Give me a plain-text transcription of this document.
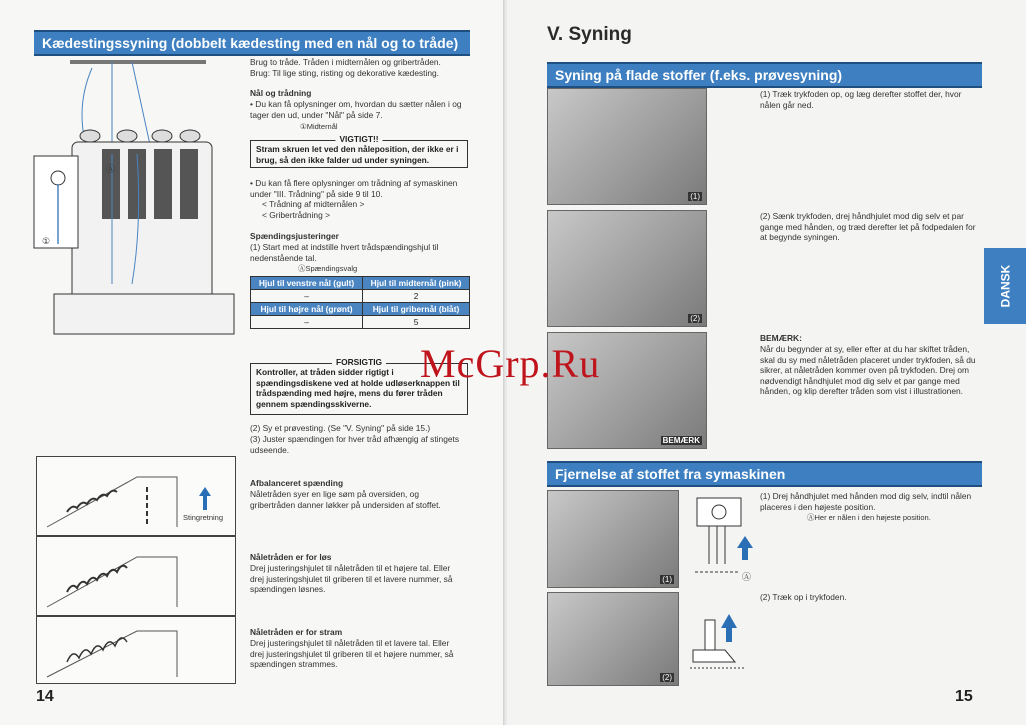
Kædestingssyning (dobbelt kædesting med en nål og to tråde)
①
Ⓐ
Brug to tråde. Tråden i midternålen og gribertråden.
Brug: Til lige sting, risting og dekorative kædesting.
Nål og trådning
• Du kan få oplysninger om, hvordan du sætter nålen i og tager den ud, under "Nål" på side 7.
①Midternål
VIGTIGT!!
Stram skruen let ved den nåleposition, der ikke er i brug, så den ikke falder ud under syningen.
• Du kan få flere oplysninger om trådning af symaskinen under "III. Trådning" på side 9 til 10.
< Trådning af midternålen >
< Gribertrådning >
Spændingsjusteringer
(1) Start med at indstille hvert trådspændingshjul til nedenstående tal.
ⒶSpændingsvalg
Hjul til venstre nål (gult)	Hjul til midternål (pink)
–	2
Hjul til højre nål (grønt)	Hjul til gribernål (blåt)
–	5
FORSIGTIG
Kontroller, at tråden sidder rigtigt i spændingsdiskene ved at holde udløserknappen til trådspænding med højre, mens du fører tråden gennem spændingsskiverne.
(2) Sy et prøvesting. (Se "V. Syning" på side 15.)
(3) Juster spændingen for hver tråd afhængig af stingets udseende.
Stingretning
Afbalanceret spænding
Nåletråden syer en lige søm på oversiden, og gribertråden danner løkker på undersiden af stoffet.
Nåletråden er for løs
Drej justeringshjulet til nåletråden til et højere tal. Eller drej justeringshjulet til griberen til et lavere nummer, så spændingen løsnes.
Nåletråden er for stram
Drej justeringshjulet til nåletråden til et lavere tal. Eller drej justeringshjulet til griberen til et højere nummer, så spændingen strammes.
14
V. Syning
Syning på flade stoffer (f.eks. prøvesyning)
(1)
(2)
BEMÆRK
(1) Træk trykfoden op, og læg derefter stoffet der, hvor nålen går ned.
(2) Sænk trykfoden, drej håndhjulet mod dig selv et par gange med hånden, og træd derefter let på fodpedalen for at begynde syningen.
BEMÆRK:
Når du begynder at sy, eller efter at du har skiftet tråden, skal du sy med nåletråden placeret under trykfoden, så du sikrer, at nåletråden kommer oven på trykfoden. Drej om nødvendigt håndhjulet mod dig selv et par gange med hånden, og klip derefter tråden som vist i illustrationen.
Fjernelse af stoffet fra symaskinen
(1)	Ⓐ
(1) Drej håndhjulet med hånden mod dig selv, indtil nålen placeres i den højeste position.
ⒶHer er nålen i den højeste position.
(2)
(2) Træk op i trykfoden.
DANSK
15
McGrp.Ru
